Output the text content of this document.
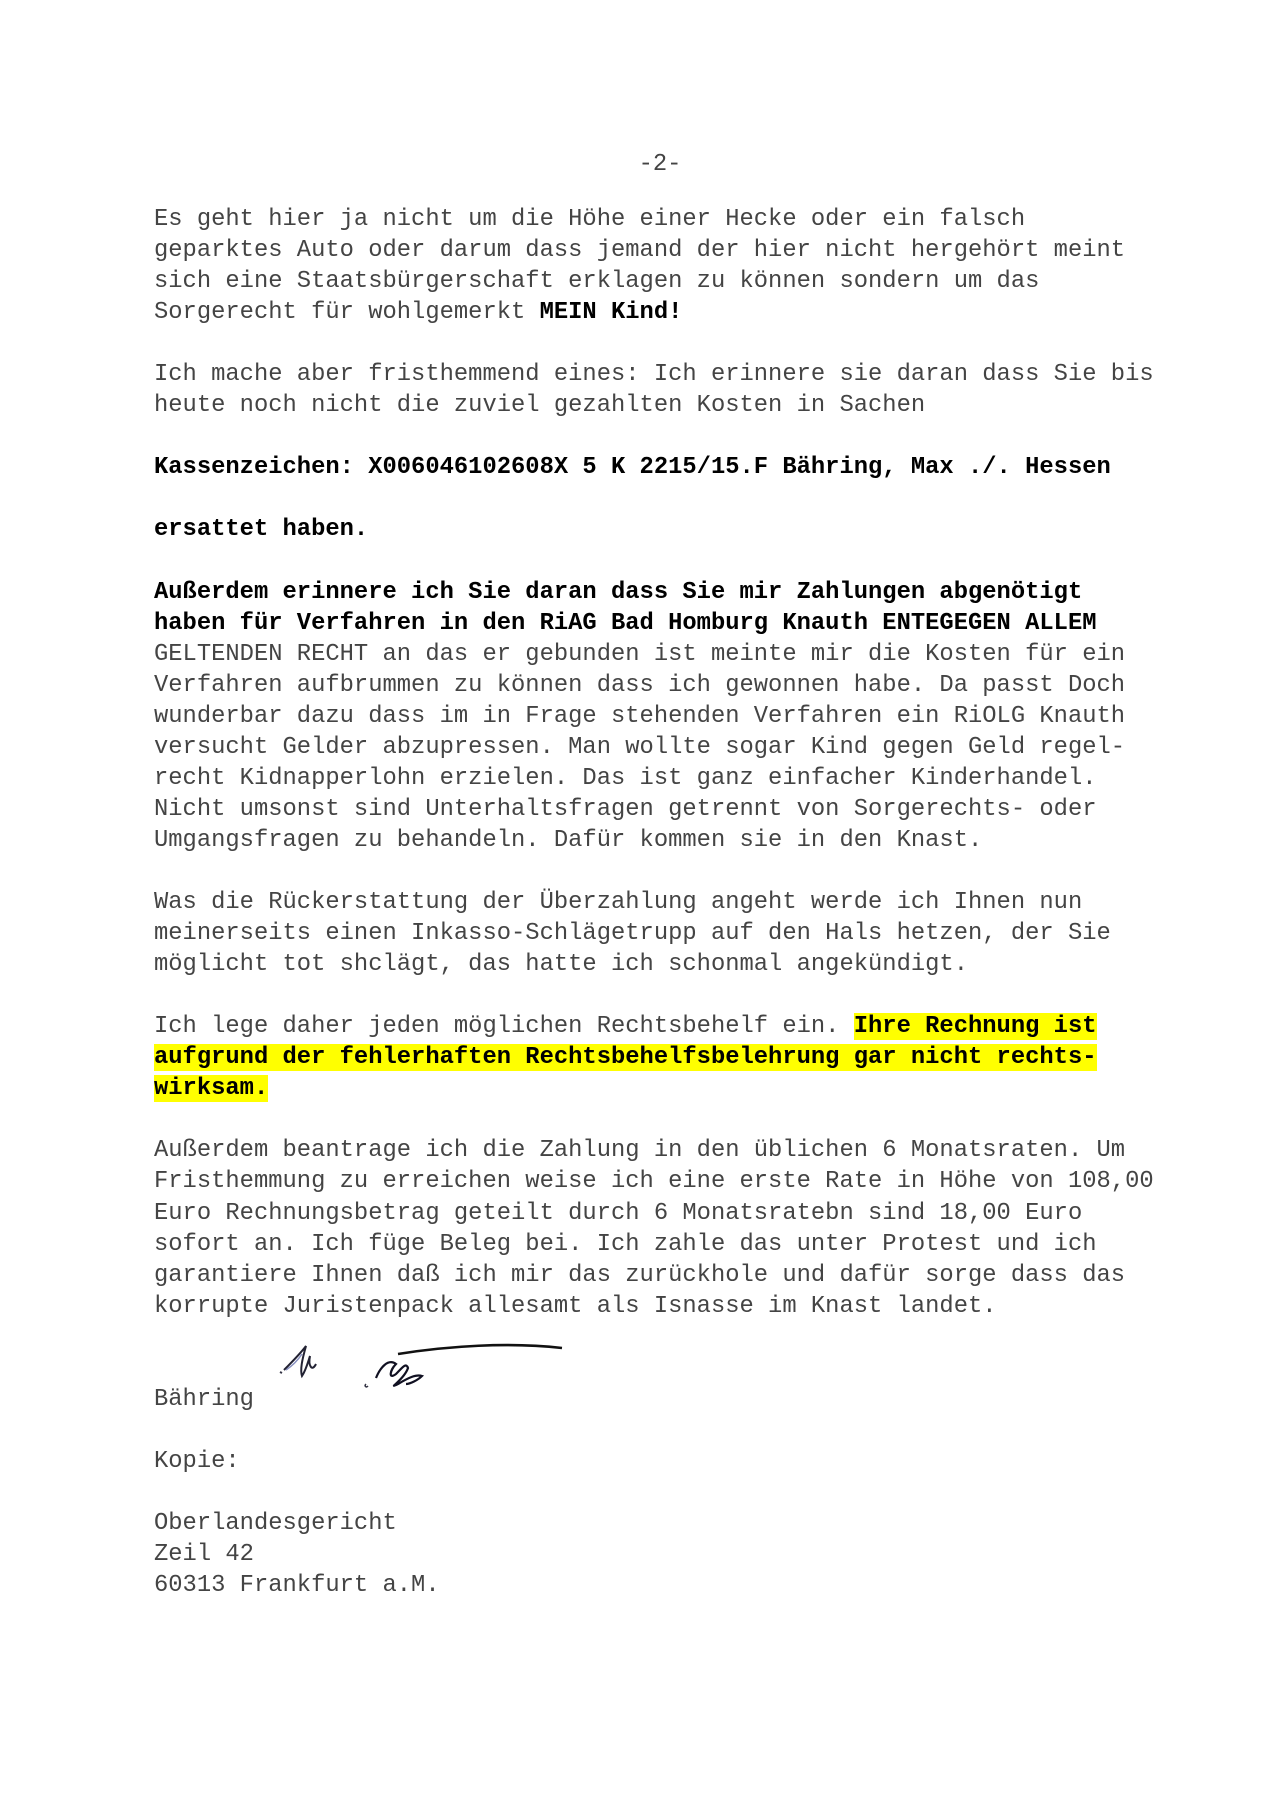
-2-
Es geht hier ja nicht um die Höhe einer Hecke oder ein falsch
geparktes Auto oder darum dass jemand der hier nicht hergehört meint
sich eine Staatsbürgerschaft erklagen zu können sondern um das
Sorgerecht für wohlgemerkt MEIN Kind!
Ich mache aber fristhemmend eines: Ich erinnere sie daran dass Sie bis
heute noch nicht die zuviel gezahlten Kosten in Sachen
Kassenzeichen: X006046102608X 5 K 2215/15.F Bähring, Max ./. Hessen
ersattet haben.
Außerdem erinnere ich Sie daran dass Sie mir Zahlungen abgenötigt
haben für Verfahren in den RiAG Bad Homburg Knauth ENTEGEGEN ALLEM
GELTENDEN RECHT an das er gebunden ist meinte mir die Kosten für ein
Verfahren aufbrummen zu können dass ich gewonnen habe. Da passt Doch
wunderbar dazu dass im in Frage stehenden Verfahren ein RiOLG Knauth
versucht Gelder abzupressen. Man wollte sogar Kind gegen Geld regel-
recht Kidnapperlohn erzielen. Das ist ganz einfacher Kinderhandel.
Nicht umsonst sind Unterhaltsfragen getrennt von Sorgerechts- oder
Umgangsfragen zu behandeln. Dafür kommen sie in den Knast.
Was die Rückerstattung der Überzahlung angeht werde ich Ihnen nun
meinerseits einen Inkasso-Schlägetrupp auf den Hals hetzen, der Sie
möglicht tot shclägt, das hatte ich schonmal angekündigt.
Ich lege daher jeden möglichen Rechtsbehelf ein. Ihre Rechnung ist
aufgrund der fehlerhaften Rechtsbehelfsbelehrung gar nicht rechts-
wirksam.
Außerdem beantrage ich die Zahlung in den üblichen 6 Monatsraten. Um
Fristhemmung zu erreichen weise ich eine erste Rate in Höhe von 108,00
Euro Rechnungsbetrag geteilt durch 6 Monatsratebn sind 18,00 Euro
sofort an. Ich füge Beleg bei. Ich zahle das unter Protest und ich
garantiere Ihnen daß ich mir das zurückhole und dafür sorge dass das
korrupte Juristenpack allesamt als Isnasse im Knast landet.
Bähring
Kopie:
Oberlandesgericht
Zeil 42
60313 Frankfurt a.M.
